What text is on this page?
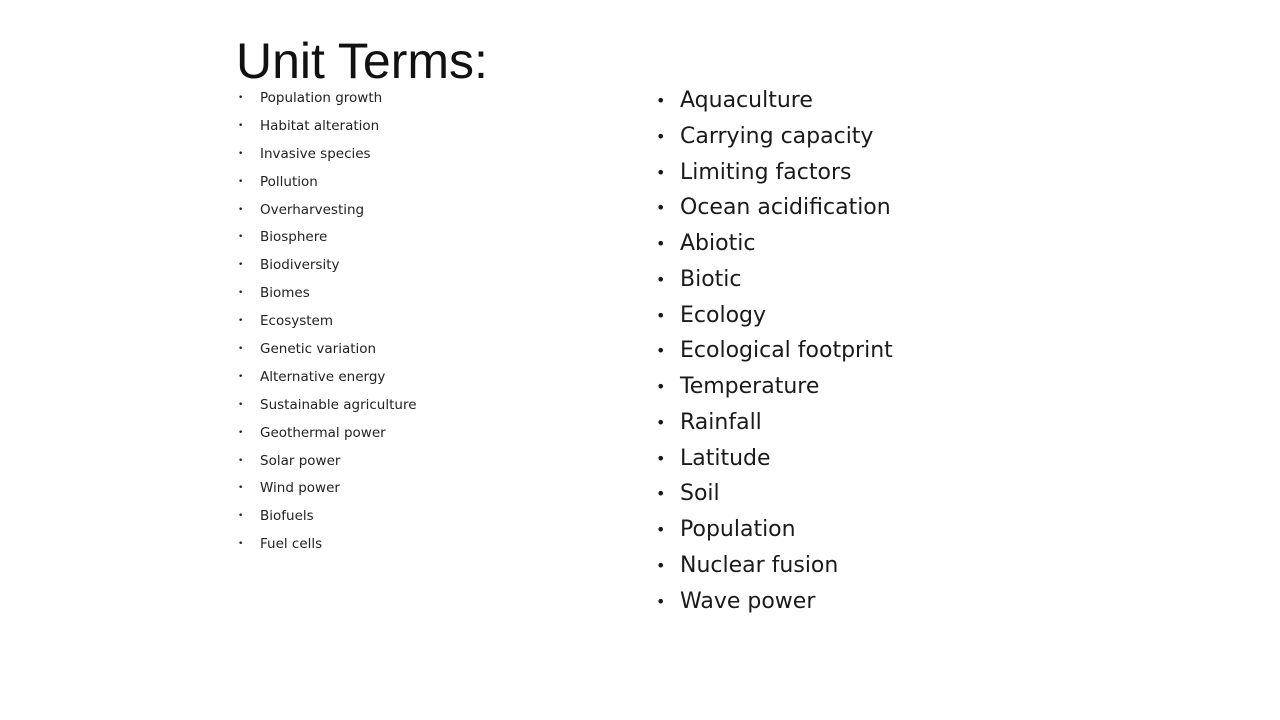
Unit Terms:
• Population growth
• Habitat alteration
• Invasive species
• Pollution
• Overharvesting
• Biosphere
• Biodiversity
• Biomes
• Ecosystem
• Genetic variation
• Alternative energy
• Sustainable agriculture
• Geothermal power
• Solar power
• Wind power
• Biofuels
• Fuel cells
• Aquaculture
• Carrying capacity
• Limiting factors
• Ocean acidification
• Abiotic
• Biotic
• Ecology
• Ecological footprint
• Temperature
• Rainfall
• Latitude
• Soil
• Population
• Nuclear fusion
• Wave power
